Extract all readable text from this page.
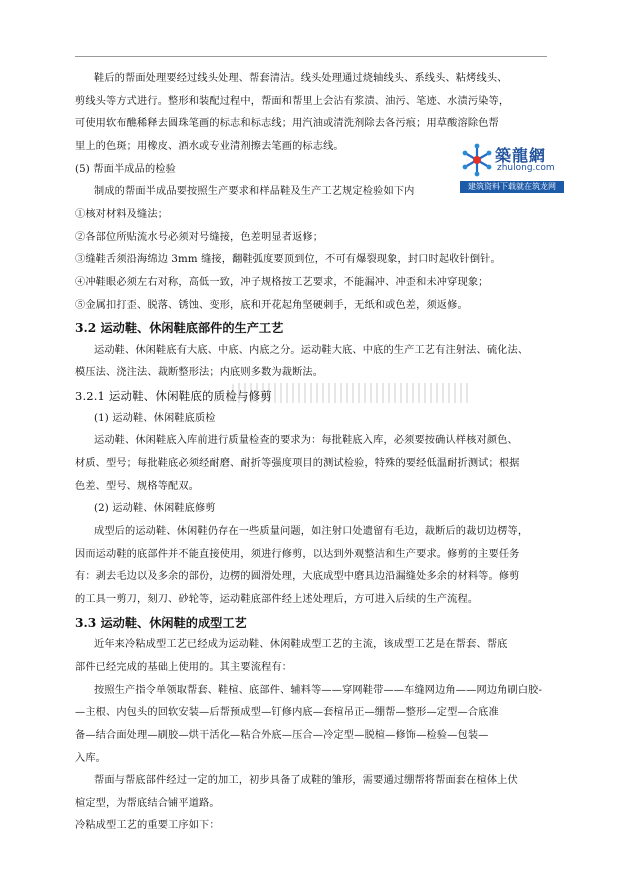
築龍網
zhulong.com
建筑资料下载就在筑龙网
鞋后的帮面处理要经过线头处理、帮套清洁。线头处理通过烧轴线头、系线头、粘烤线头、
剪线头等方式进行。整形和装配过程中，帮面和帮里上会沾有浆渍、油污、笔迹、水渍污染等，
可使用软布醮稀释去圆珠笔画的标志和标志线；用汽油或清洗剂除去各污痕；用草酸溶除色帮
里上的色斑；用橡皮、酒水或专业清剂擦去笔画的标志线。
(5) 帮面半成品的检验
制成的帮面半成品要按照生产要求和样品鞋及生产工艺规定检验如下内
①核对材料及缝法；
②各部位所贴流水号必须对号缝接，色差明显者返修；
③缝鞋舌须沿海绵边 3mm 缝接，翻鞋弧度要顶到位，不可有爆裂现象，封口时起收针倒针。
④冲鞋眼必须左右对称，高低一致，冲子规格按工艺要求，不能漏冲、冲歪和未冲穿现象；
⑤金属扣打歪、脱落、锈蚀、变形，底和开花起角坚硬刺手，无纸和或色差，须返修。
3.2 运动鞋、休闲鞋底部件的生产工艺
运动鞋、休闲鞋底有大底、中底、内底之分。运动鞋大底、中底的生产工艺有注射法、硫化法、
模压法、浇注法、裁断整形法；内底则多数为裁断法。
3.2.1 运动鞋、休闲鞋底的质检与修剪
(1) 运动鞋、休闲鞋底质检
运动鞋、休闲鞋底入库前进行质量检查的要求为：每批鞋底入库，必须要按确认样核对颜色、
材质、型号；每批鞋底必须经耐磨、耐折等强度项目的测试检验，特殊的要经低温耐折测试；根据
色差、型号、规格等配双。
(2) 运动鞋、休闲鞋底修剪
成型后的运动鞋、休闲鞋仍存在一些质量问题，如注射口处遗留有毛边，裁断后的裁切边楞等，
因而运动鞋的底部件并不能直接使用，须进行修剪，以达到外观整洁和生产要求。修剪的主要任务
有：剥去毛边以及多余的部份，边楞的圆滑处理，大底成型中磨具边沿漏缝处多余的材料等。修剪
的工具一剪刀，刻刀、砂轮等，运动鞋底部件经上述处理后，方可进入后续的生产流程。
3.3 运动鞋、休闲鞋的成型工艺
近年来冷粘成型工艺已经成为运动鞋、休闲鞋成型工艺的主流，该成型工艺是在帮套、帮底
部件已经完成的基础上使用的。其主要流程有：
按照生产指令单领取帮套、鞋楦、底部件、辅料等——穿网鞋带——车缝网边角——网边角刷白胶-
—主根、内包头的回软安装—后帮预成型—钉修内底—套楦吊正—绷帮—整形—定型—合底准
备—结合面处理—刷胶—烘干活化—粘合外底—压合—冷定型—脱楦—修饰—检验—包装—
入库。
帮面与帮底部件经过一定的加工，初步具备了成鞋的雏形，需要通过绷帮将帮面套在楦体上伏
楦定型，为帮底结合铺平道路。
冷粘成型工艺的重要工序如下：
